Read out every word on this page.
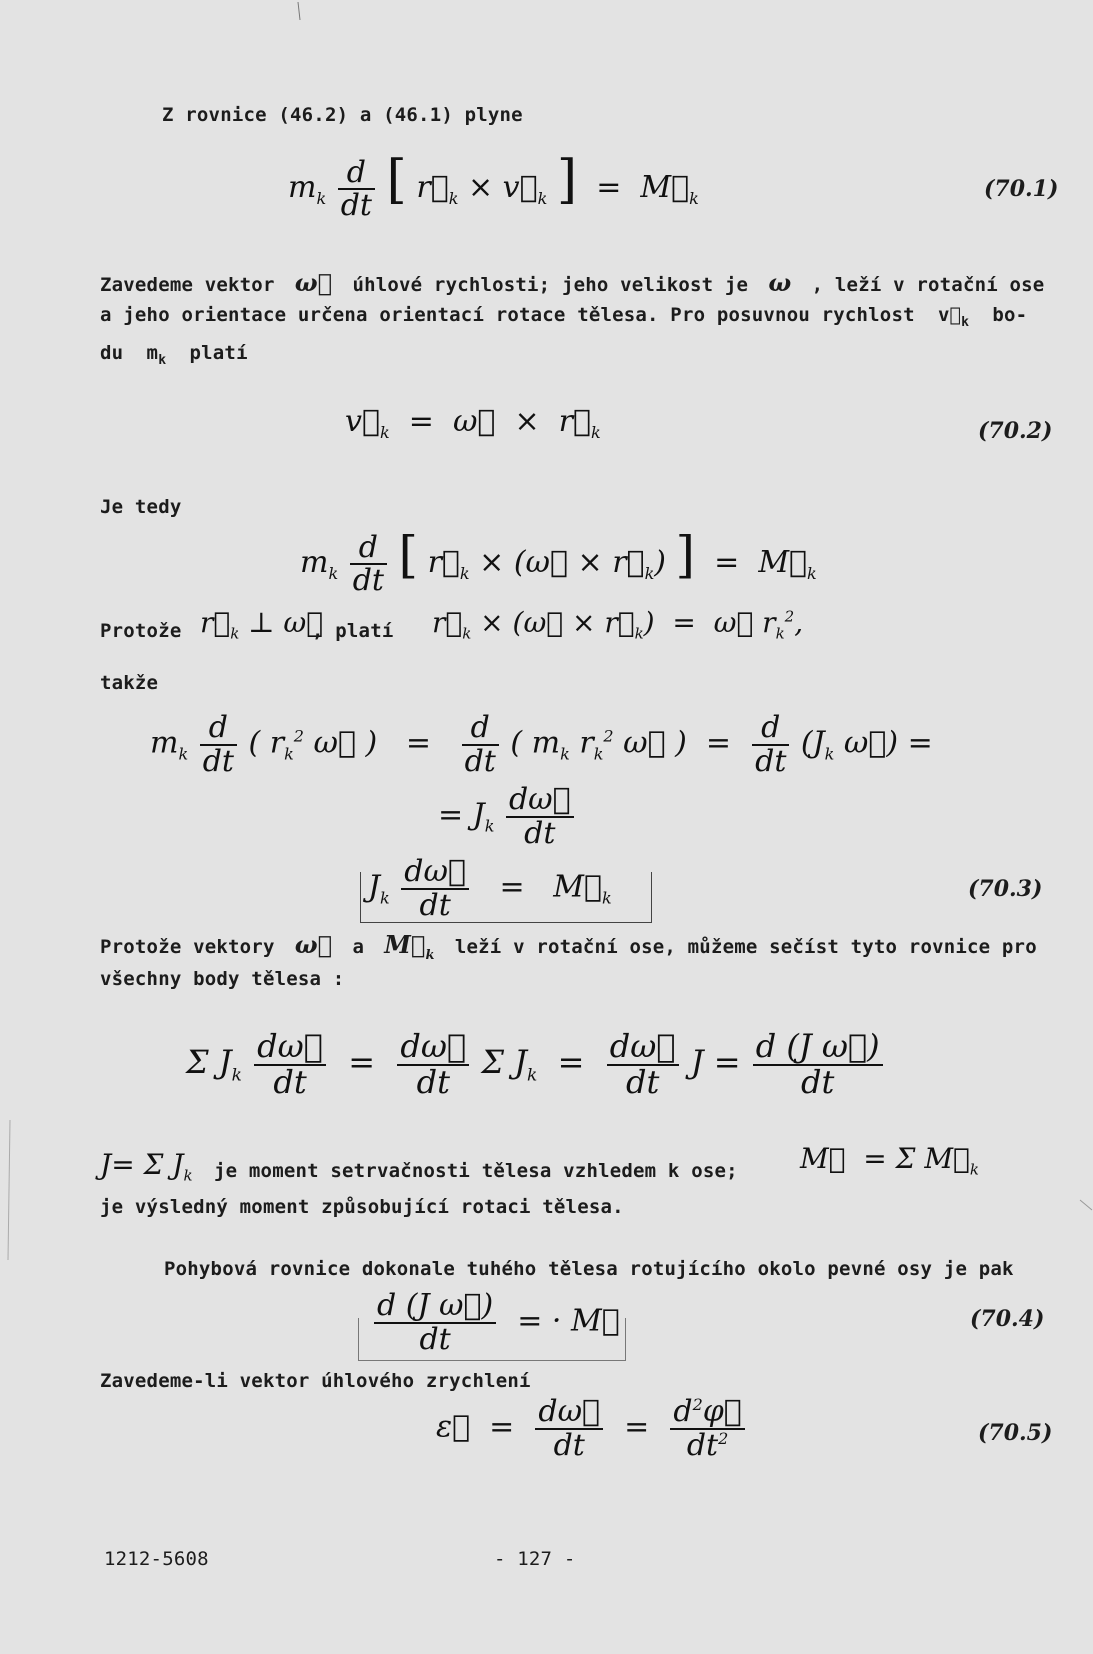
Z rovnice (46.2) a (46.1) plyne
$m_k \frac{d}{dt}$ [ $r⃗_k$ × $v⃗_k$ ]  =  $M⃗_k$	(70.1)
Zavedeme vektor  ω⃗  úhlové rychlosti; jeho velikost je  ω  , leží v rotační ose
a jeho orientace určena orientací rotace tělesa. Pro posuvnou rychlost  $v⃗_k$ bo-
du  $m_k$ platí
$v⃗_k$  =  ω⃗  ×  $r⃗_k$	(70.2)
Je tedy
$m_k \frac{d}{dt}$ [ $r⃗_k$ × (ω⃗ × $r⃗_k$) ]  =  $M⃗_k$
Protože $r⃗_k$ ⊥ ω⃗
, platí $r⃗_k$ × (ω⃗ × $r⃗_k$)  =  ω⃗ $r_k^2$,
takže
$m_k \frac{d}{dt}$ ( $r_k^2$ ω⃗ )   = $\frac{d}{dt}$ ( $m_k$ $r_k^2$ ω⃗ )  = $\frac{d}{dt} (J_k$ ω⃗) =
= $J_k \frac{d\omega⃗}{dt}$
$J_k \frac{d\omega⃗}{dt}$ =   $M⃗_k$	(70.3)
Protože vektory  ω⃗  a  $M⃗_k$ leží v rotační ose, můžeme sečíst tyto rovnice pro
všechny body tělesa :
Σ $J_k \frac{d\omega⃗}{dt} = \frac{d\omega⃗}{dt}$ Σ $J_k = \frac{d\omega⃗}{dt}$ $J = \frac{\text{d (J ω⃗)}}{dt}$
J= Σ $J_k$ je moment setrvačnosti tělesa vzhledem k ose; M⃗  = Σ $M⃗_k$
je výsledný moment způsobující rotaci tělesa.
Pohybová rovnice dokonale tuhého tělesa rotujícího okolo pevné osy je pak
$\frac{\text{d (J ω⃗)}}{dt}$ = · M⃗	(70.4)
Zavedeme-li vektor úhlového zrychlení
ε⃗  = $\frac{d\omega⃗}{dt} = \frac{d^2\varphi⃗}{dt^2}$	(70.5)
1212-5608	- 127 -
